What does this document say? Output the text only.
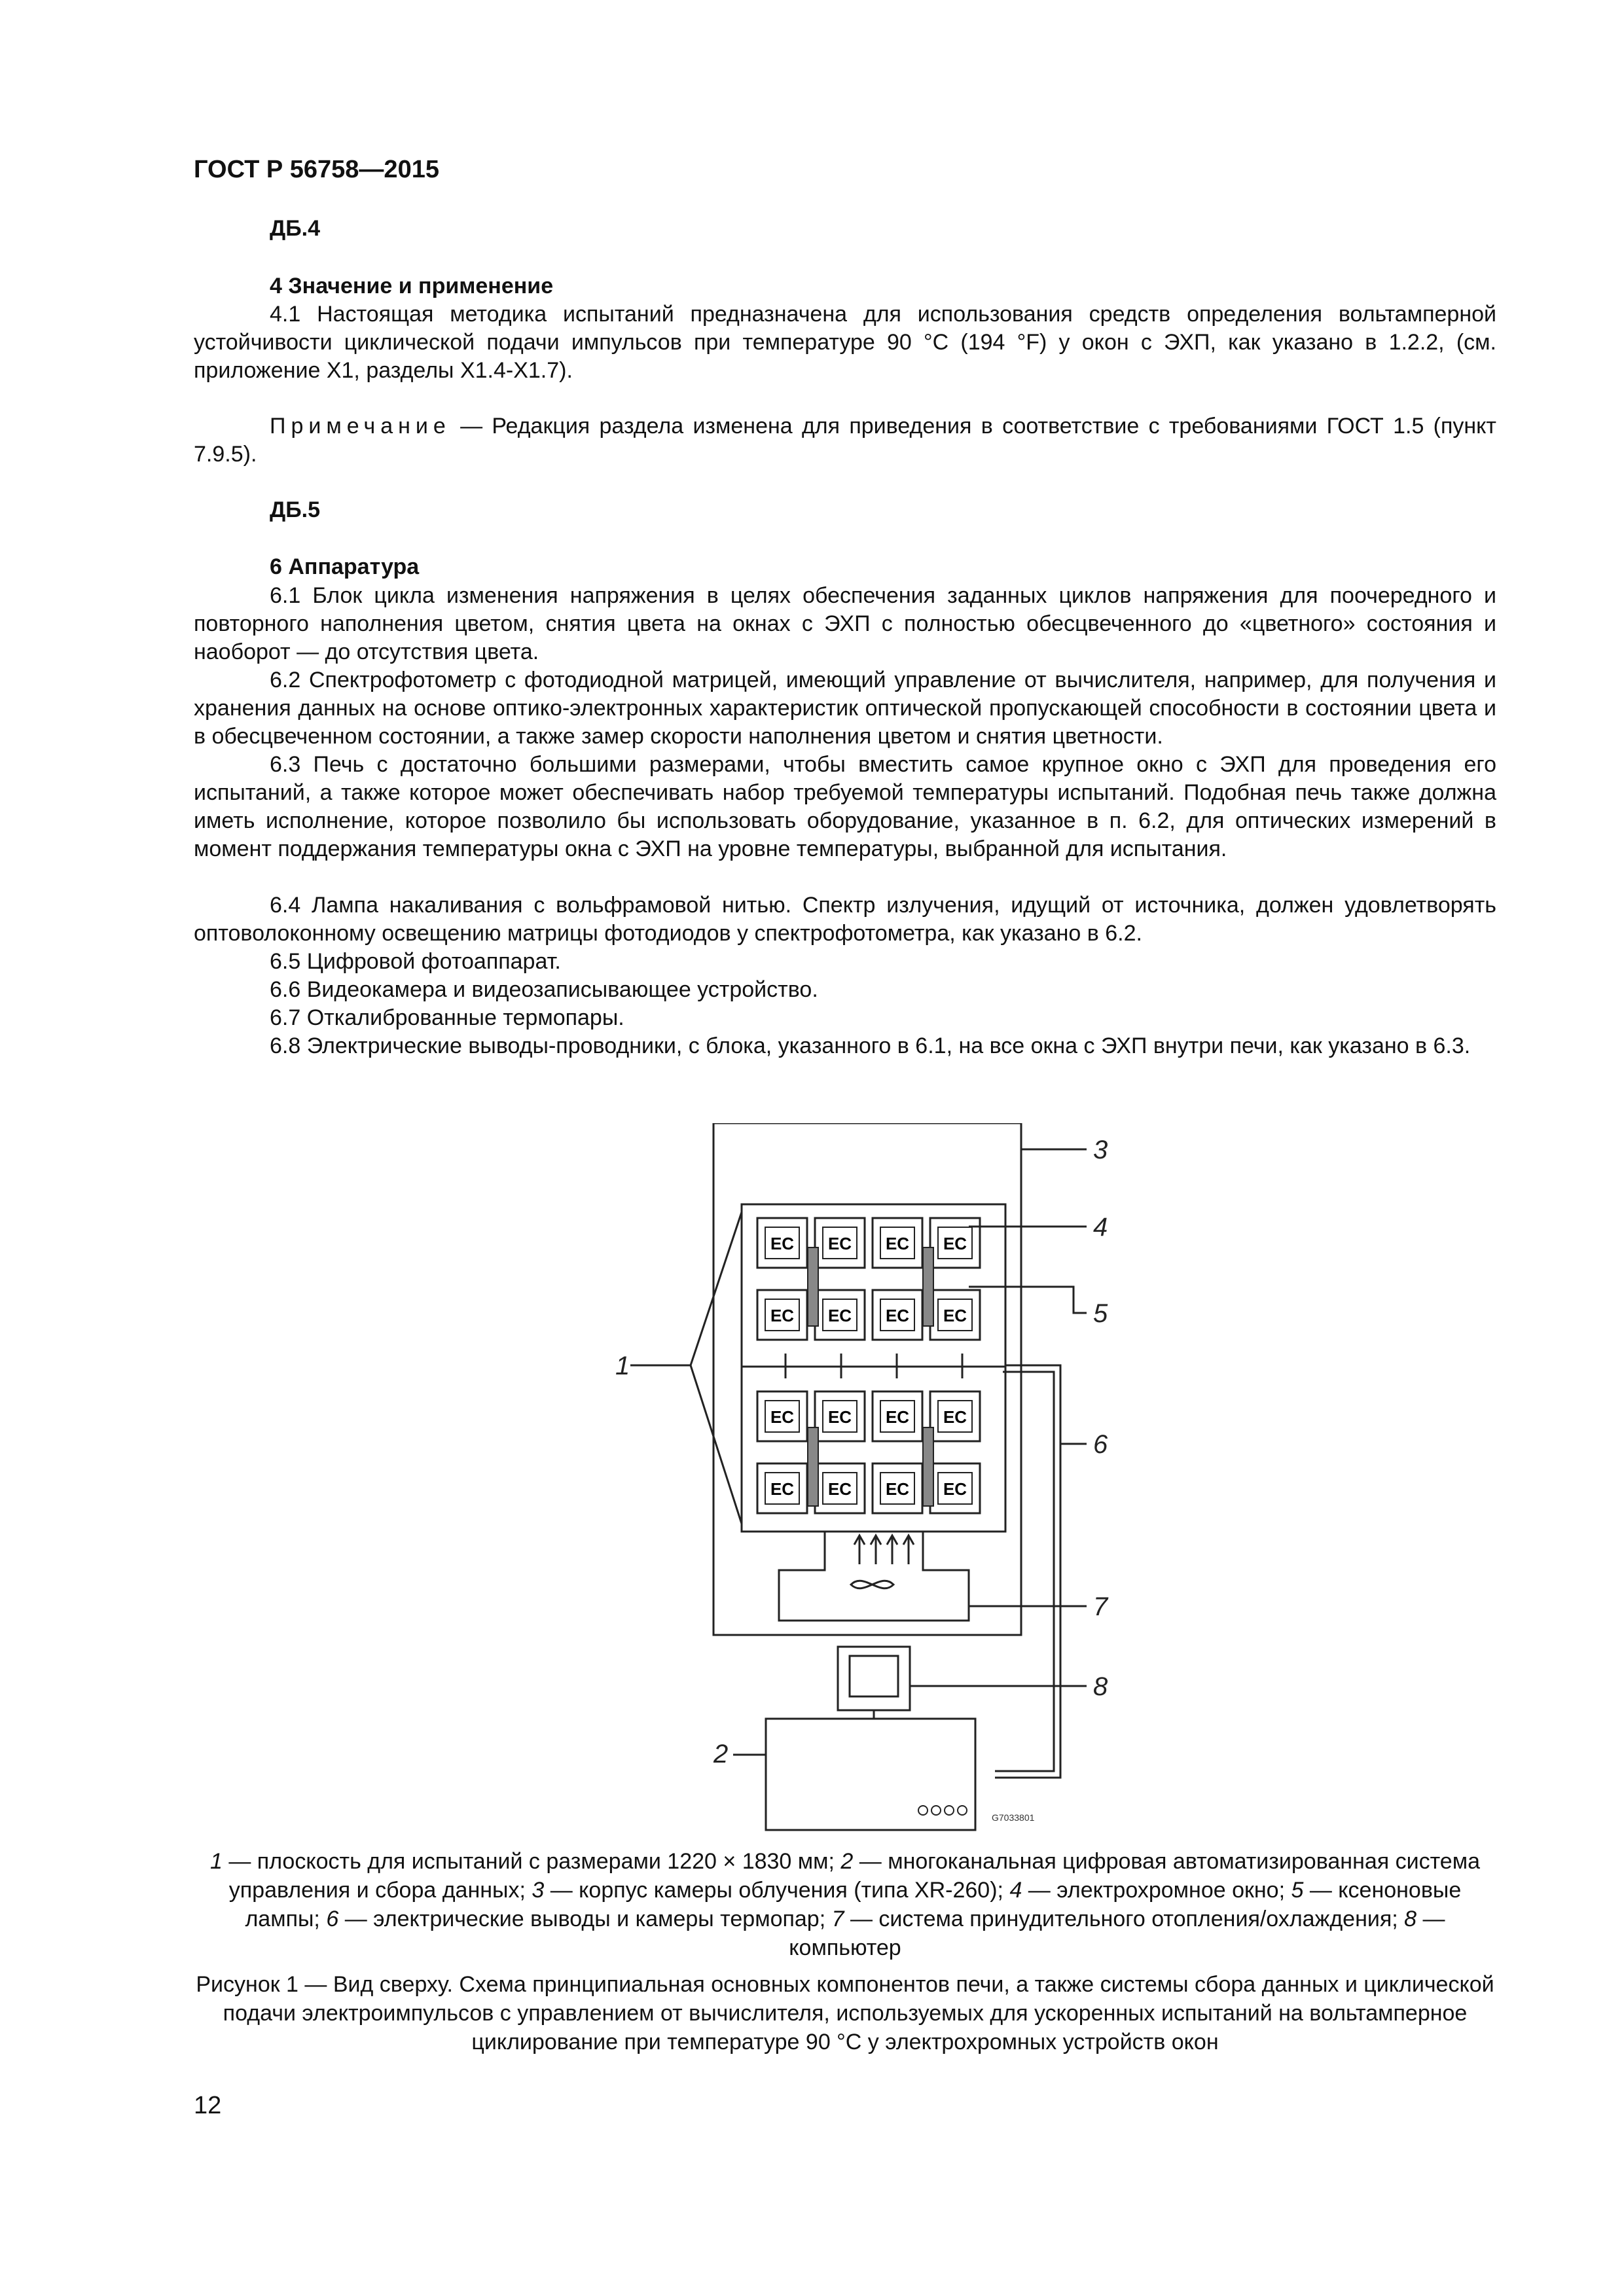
ГОСТ Р 56758—2015
ДБ.4
4 Значение и применение
4.1 Настоящая методика испытаний предназначена для использования средств определения вольтамперной устойчивости циклической подачи импульсов при температуре 90 °С (194 °F) у окон с ЭХП, как указано в 1.2.2, (см. приложение X1, разделы X1.4-X1.7).
Примечание — Редакция раздела изменена для приведения в соответствие с требованиями ГОСТ 1.5 (пункт 7.9.5).
ДБ.5
6 Аппаратура
6.1 Блок цикла изменения напряжения в целях обеспечения заданных циклов напряжения для поочередного и повторного наполнения цветом, снятия цвета на окнах с ЭХП с полностью обесцвеченного до «цветного» состояния и наоборот — до отсутствия цвета.
6.2 Спектрофотометр с фотодиодной матрицей, имеющий управление от вычислителя, например, для получения и хранения данных на основе оптико-электронных характеристик оптической пропускающей способности в состоянии цвета и в обесцвеченном состоянии, а также замер скорости наполнения цветом и снятия цветности.
6.3 Печь с достаточно большими размерами, чтобы вместить самое крупное окно с ЭХП для проведения его испытаний, а также которое может обеспечивать набор требуемой температуры испытаний. Подобная печь также должна иметь исполнение, которое позволило бы использовать оборудование, указанное в п. 6.2, для оптических измерений в момент поддержания температуры окна с ЭХП на уровне температуры, выбранной для испытания.
6.4 Лампа накаливания с вольфрамовой нитью. Спектр излучения, идущий от источника, должен удовлетворять оптоволоконному освещению матрицы фотодиодов у спектрофотометра, как указано в 6.2.
6.5 Цифровой фотоаппарат.
6.6 Видеокамера и видеозаписывающее устройство.
6.7 Откалиброванные термопары.
6.8 Электрические выводы-проводники, с блока, указанного в 6.1, на все окна с ЭХП внутри печи, как указано в 6.3.
EC EC EC EC
EC EC EC EC
EC EC EC EC
EC EC EC EC
1
2
3
4
5
6
7
8
G7033801
1 — плоскость для испытаний с размерами 1220 × 1830 мм; 2 — многоканальная цифровая автоматизированная система управления и сбора данных; 3 — корпус камеры облучения (типа XR-260); 4 — электрохромное окно; 5 — ксеноновые лампы; 6 — электрические выводы и камеры термопар; 7 — система принудительного отопления/охлаждения; 8 — компьютер
Рисунок 1 — Вид сверху. Схема принципиальная основных компонентов печи, а также системы сбора данных и циклической подачи электроимпульсов с управлением от вычислителя, используемых для ускоренных испытаний на вольтамперное циклирование при температуре 90 °С у электрохромных устройств окон
12
